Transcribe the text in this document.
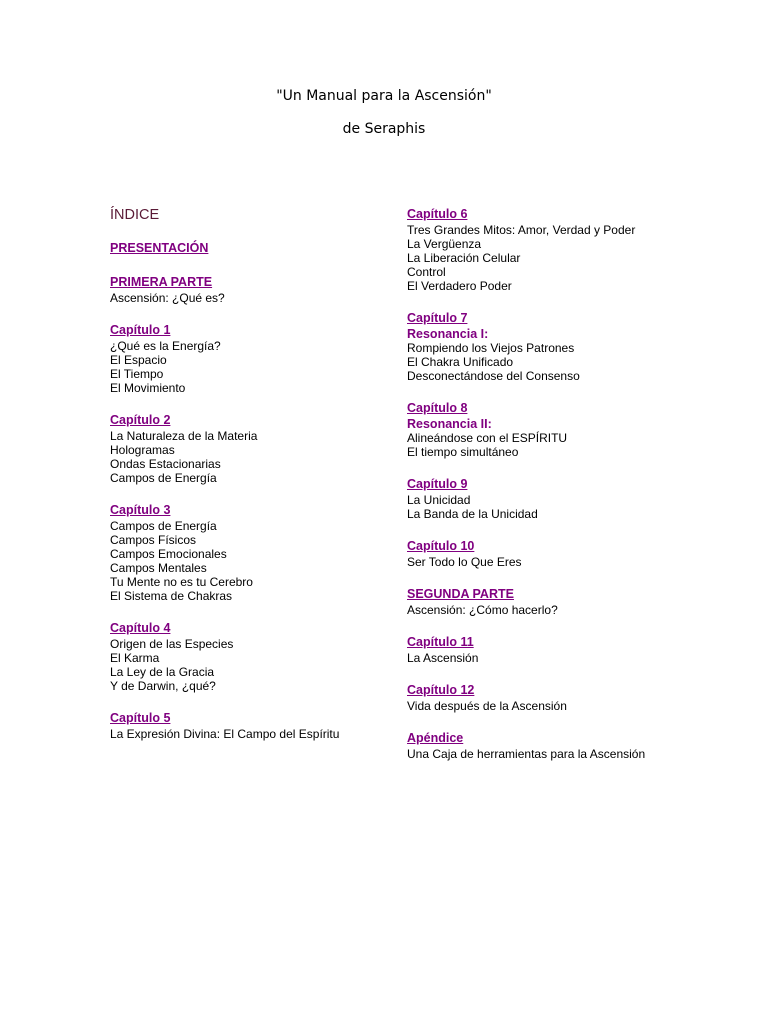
"Un Manual para la Ascensión"
de Seraphis
ÍNDICE
PRESENTACIÓN
PRIMERA PARTE
Ascensión: ¿Qué es?
Capítulo 1
¿Qué es la Energía?
El Espacio
El Tiempo
El Movimiento
Capítulo 2
La Naturaleza de la Materia
Hologramas
Ondas Estacionarias
Campos de Energía
Capítulo 3
Campos de Energía
Campos Físicos
Campos Emocionales
Campos Mentales
Tu Mente no es tu Cerebro
El Sistema de Chakras
Capítulo 4
Origen de las Especies
El Karma
La Ley de la Gracia
Y de Darwin, ¿qué?
Capítulo 5
La Expresión Divina: El Campo del Espíritu
Capítulo 6
Tres Grandes Mitos: Amor, Verdad y Poder
La Vergüenza
La Liberación Celular
Control
El Verdadero Poder
Capítulo 7
Resonancia I:
Rompiendo los Viejos Patrones
El Chakra Unificado
Desconectándose del Consenso
Capítulo 8
Resonancia II:
Alineándose con el ESPÍRITU
El tiempo simultáneo
Capítulo 9
La Unicidad
La Banda de la Unicidad
Capítulo 10
Ser Todo lo Que Eres
SEGUNDA PARTE
Ascensión: ¿Cómo hacerlo?
Capítulo 11
La Ascensión
Capítulo 12
Vida después de la Ascensión
Apéndice
Una Caja de herramientas para la Ascensión
